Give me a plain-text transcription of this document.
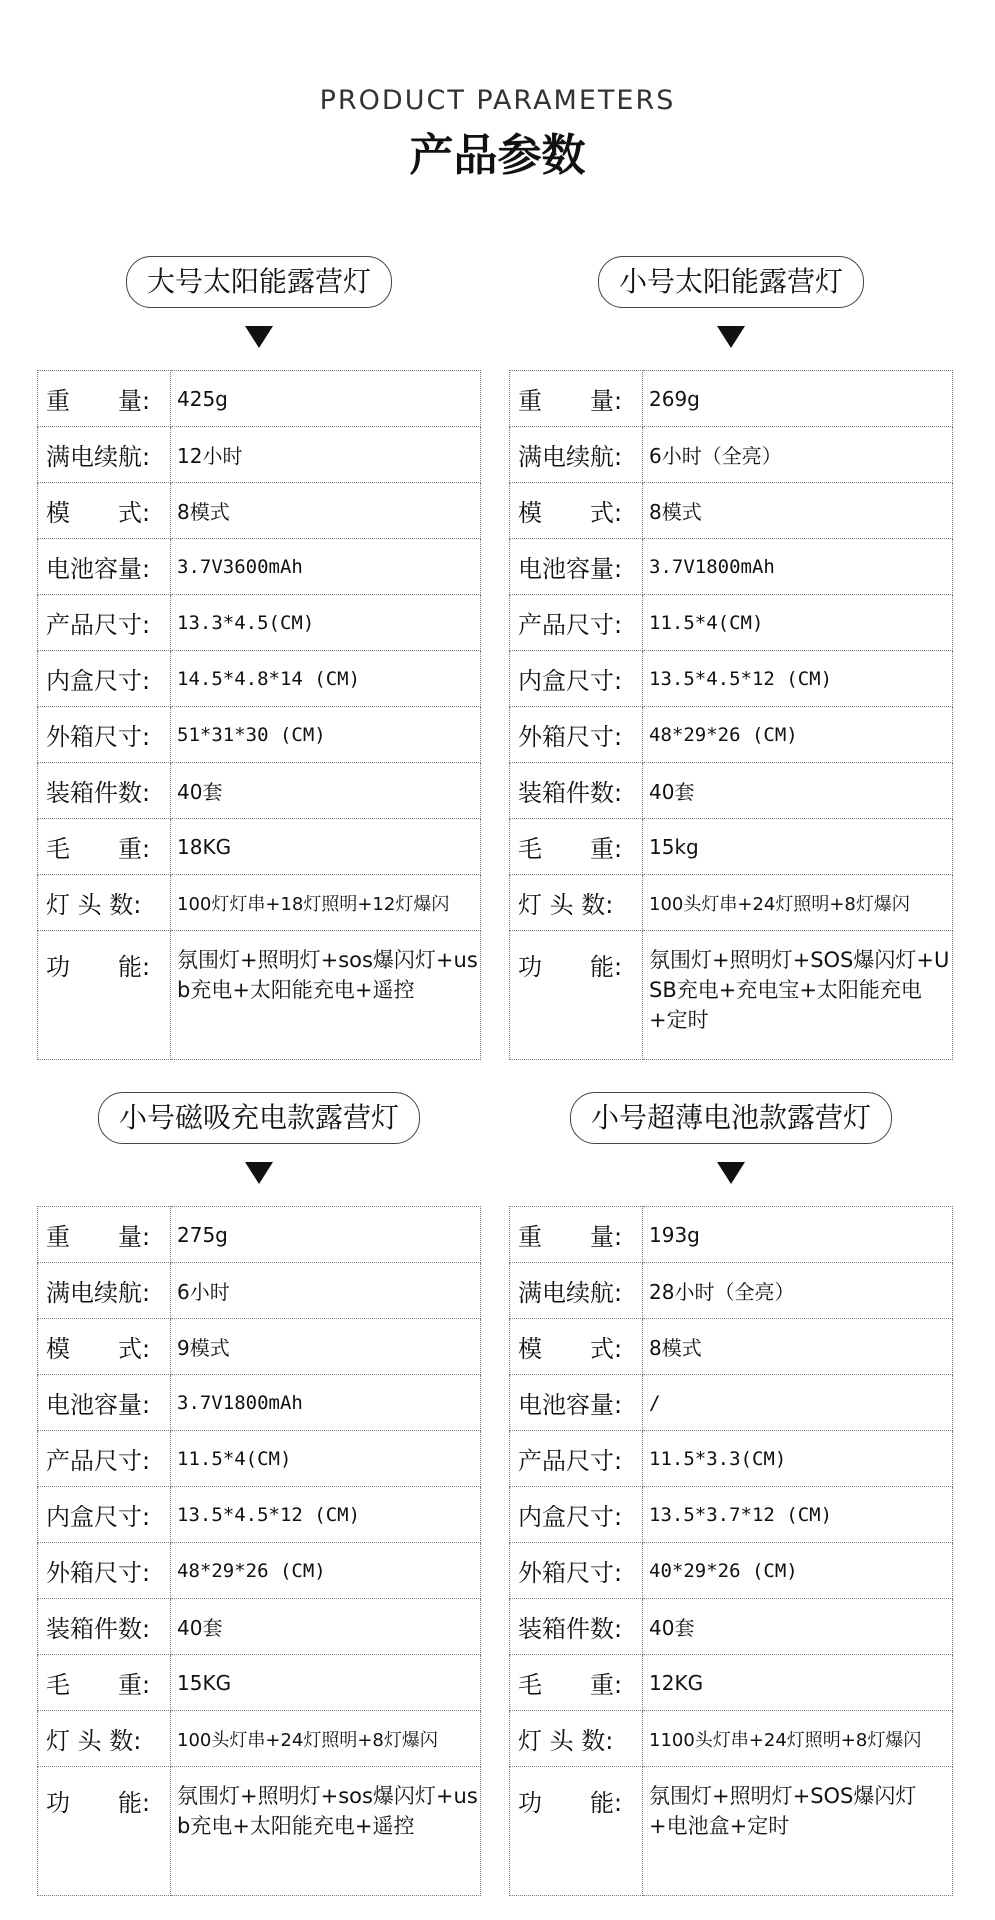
PRODUCT PARAMETERS
产品参数
大号太阳能露营灯
重　　量:	425g
满电续航:	12小时
模　　式:	8模式
电池容量:	3.7V3600mAh
产品尺寸:	13.3*4.5(CM)
内盒尺寸:	14.5*4.8*14 (CM)
外箱尺寸:	51*31*30 (CM)
装箱件数:	40套
毛　　重:	18KG
灯 头 数:	100灯灯串+18灯照明+12灯爆闪
功　　能:	氛围灯+照明灯+sos爆闪灯+usb充电+太阳能充电+遥控
小号太阳能露营灯
重　　量:	269g
满电续航:	6小时（全亮）
模　　式:	8模式
电池容量:	3.7V1800mAh
产品尺寸:	11.5*4(CM)
内盒尺寸:	13.5*4.5*12 (CM)
外箱尺寸:	48*29*26 (CM)
装箱件数:	40套
毛　　重:	15kg
灯 头 数:	100头灯串+24灯照明+8灯爆闪
功　　能:	氛围灯+照明灯+SOS爆闪灯+USB充电+充电宝+太阳能充电+定时
小号磁吸充电款露营灯
重　　量:	275g
满电续航:	6小时
模　　式:	9模式
电池容量:	3.7V1800mAh
产品尺寸:	11.5*4(CM)
内盒尺寸:	13.5*4.5*12 (CM)
外箱尺寸:	48*29*26 (CM)
装箱件数:	40套
毛　　重:	15KG
灯 头 数:	100头灯串+24灯照明+8灯爆闪
功　　能:	氛围灯+照明灯+sos爆闪灯+usb充电+太阳能充电+遥控
小号超薄电池款露营灯
重　　量:	193g
满电续航:	28小时（全亮）
模　　式:	8模式
电池容量:	/
产品尺寸:	11.5*3.3(CM)
内盒尺寸:	13.5*3.7*12 (CM)
外箱尺寸:	40*29*26 (CM)
装箱件数:	40套
毛　　重:	12KG
灯 头 数:	1100头灯串+24灯照明+8灯爆闪
功　　能:	氛围灯+照明灯+SOS爆闪灯+电池盒+定时
